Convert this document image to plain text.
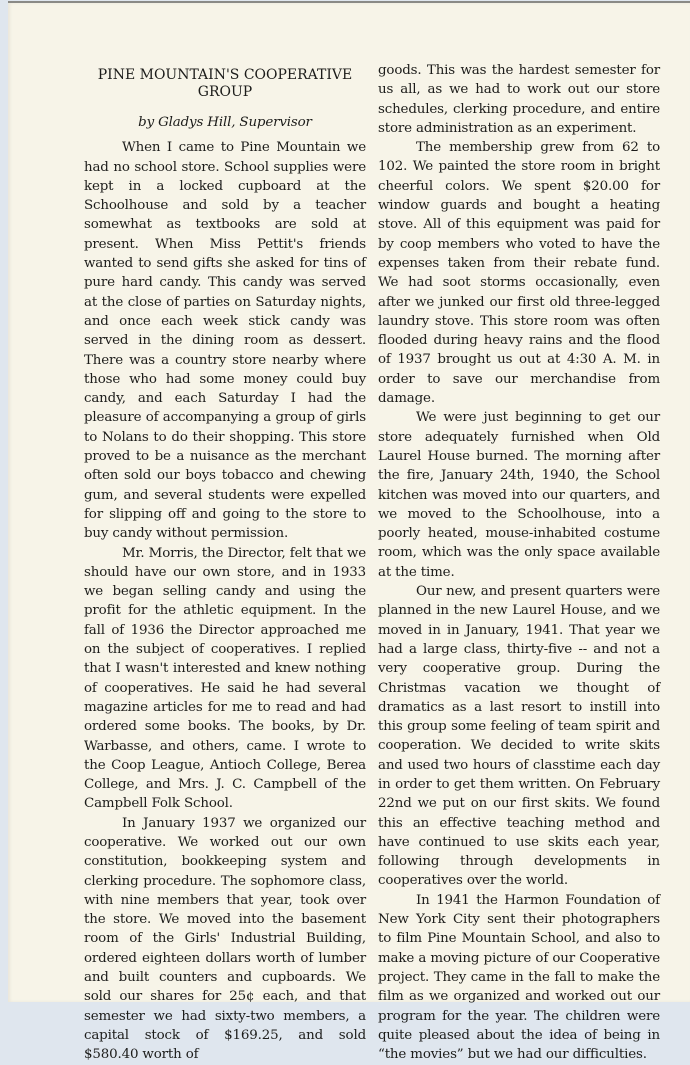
PINE MOUNTAIN'S COOPERATIVE GROUP
by Gladys Hill, Supervisor

When I came to Pine Mountain we had no school store. School supplies were kept in a locked cupboard at the Schoolhouse and sold by a teacher somewhat as textbooks are sold at present. When Miss Pettit's friends wanted to send gifts she asked for tins of pure hard candy. This candy was served at the close of parties on Saturday nights, and once each week stick candy was served in the dining room as dessert. There was a country store nearby where those who had some money could buy candy, and each Saturday I had the pleasure of accompanying a group of girls to Nolans to do their shopping. This store proved to be a nuisance as the merchant often sold our boys tobacco and chewing gum, and several students were expelled for slipping off and going to the store to buy candy without permission.

Mr. Morris, the Director, felt that we should have our own store, and in 1933 we began selling candy and using the profit for the athletic equipment. In the fall of 1936 the Director approached me on the subject of cooperatives. I replied that I wasn't interested and knew nothing of cooperatives. He said he had several magazine articles for me to read and had ordered some books. The books, by Dr. Warbasse, and others, came. I wrote to the Coop League, Antioch College, Berea College, and Mrs. J. C. Campbell of the Campbell Folk School.

In January 1937 we organized our cooperative. We worked out our own constitution, bookkeeping system and clerking procedure. The sophomore class, with nine members that year, took over the store. We moved into the basement room of the Girls' Industrial Building, ordered eighteen dollars worth of lumber and built counters and cupboards. We sold our shares for 25¢ each, and that semester we had sixty-two members, a capital stock of $169.25, and sold $580.40 worth of

goods. This was the hardest semester for us all, as we had to work out our store schedules, clerking procedure, and entire store administration as an experiment.

The membership grew from 62 to 102. We painted the store room in bright cheerful colors. We spent $20.00 for window guards and bought a heating stove. All of this equipment was paid for by coop members who voted to have the expenses taken from their rebate fund. We had soot storms occasionally, even after we junked our first old three-legged laundry stove. This store room was often flooded during heavy rains and the flood of 1937 brought us out at 4:30 A. M. in order to save our merchandise from damage.

We were just beginning to get our store adequately furnished when Old Laurel House burned. The morning after the fire, January 24th, 1940, the School kitchen was moved into our quarters, and we moved to the Schoolhouse, into a poorly heated, mouse-inhabited costume room, which was the only space available at the time.

Our new, and present quarters were planned in the new Laurel House, and we moved in in January, 1941. That year we had a large class, thirty-five -- and not a very cooperative group. During the Christmas vacation we thought of dramatics as a last resort to instill into this group some feeling of team spirit and cooperation. We decided to write skits and used two hours of classtime each day in order to get them written. On February 22nd we put on our first skits. We found this an effective teaching method and have continued to use skits each year, following through developments in cooperatives over the world.

In 1941 the Harmon Foundation of New York City sent their photographers to film Pine Mountain School, and also to make a moving picture of our Cooperative project. They came in the fall to make the film as we organized and worked out our program for the year. The children were quite pleased about the idea of being in “the movies” but we had our difficulties.
